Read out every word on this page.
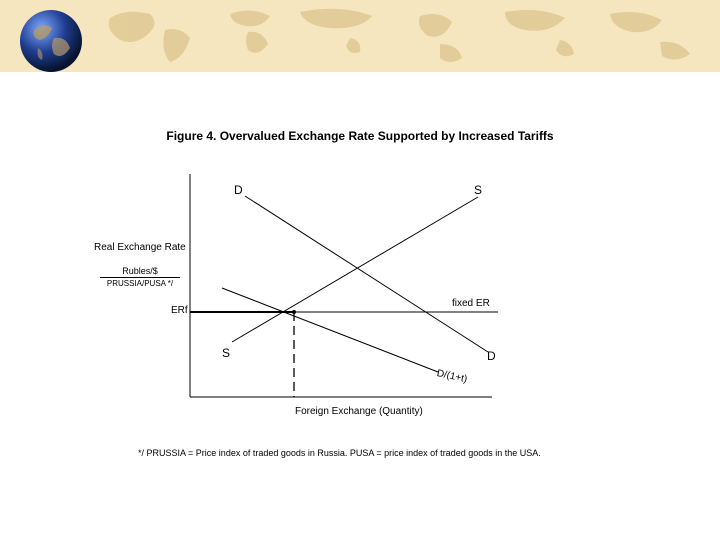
Figure 4. Overvalued Exchange Rate Supported by Increased Tariffs
D	S
Real Exchange Rate
Rubles/$
PRUSSIA/PUSA */
fixed ER
ERf
S	D
D/(1+t)
Foreign Exchange (Quantity)
*/ PRUSSIA = Price index of traded goods in Russia. PUSA = price index of traded goods in the USA.
